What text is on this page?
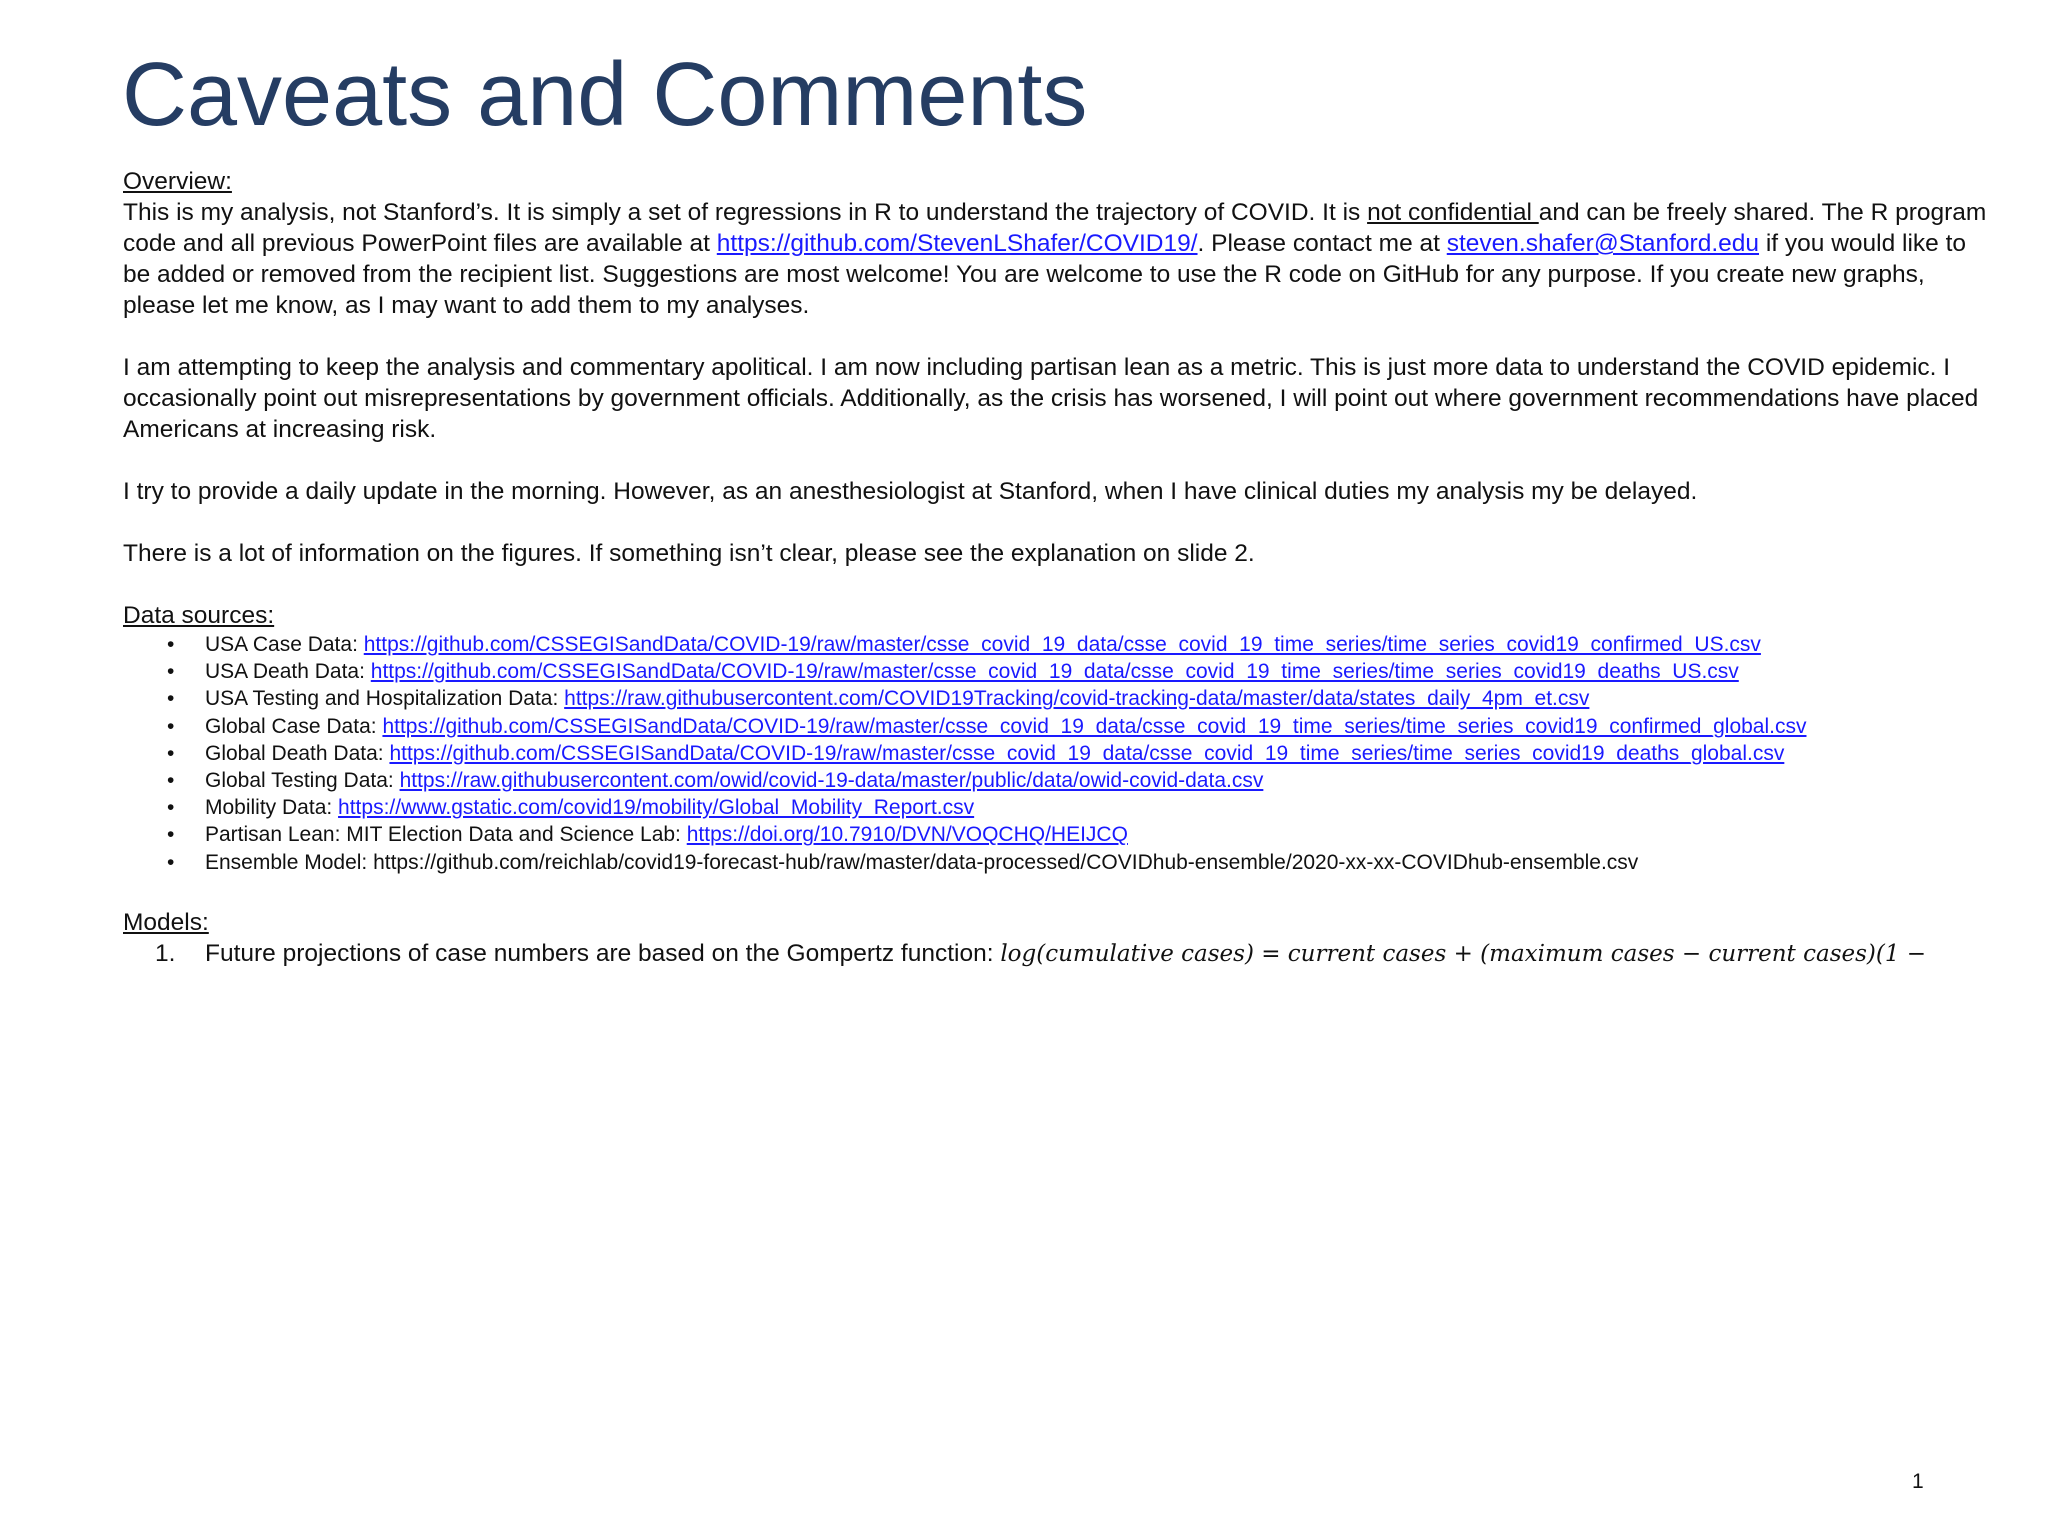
Caveats and Comments

Overview:

This is my analysis, not Stanford’s. It is simply a set of regressions in R to understand the trajectory of COVID. It is not confidential and can be freely shared. The R program code and all previous PowerPoint files are available at https://github.com/StevenLShafer/COVID19/. Please contact me at steven.shafer@Stanford.edu if you would like to be added or removed from the recipient list. Suggestions are most welcome! You are welcome to use the R code on GitHub for any purpose. If you create new graphs, please let me know, as I may want to add them to my analyses.

I am attempting to keep the analysis and commentary apolitical. I am now including partisan lean as a metric. This is just more data to understand the COVID epidemic. I occasionally point out misrepresentations by government officials. Additionally, as the crisis has worsened, I will point out where government recommendations have placed Americans at increasing risk.

I try to provide a daily update in the morning. However, as an anesthesiologist at Stanford, when I have clinical duties my analysis my be delayed.

There is a lot of information on the figures. If something isn’t clear, please see the explanation on slide 2.

Data sources:

• USA Case Data: https://github.com/CSSEGISandData/COVID-19/raw/master/csse_covid_19_data/csse_covid_19_time_series/time_series_covid19_confirmed_US.csv
• USA Death Data: https://github.com/CSSEGISandData/COVID-19/raw/master/csse_covid_19_data/csse_covid_19_time_series/time_series_covid19_deaths_US.csv
• USA Testing and Hospitalization Data: https://raw.githubusercontent.com/COVID19Tracking/covid-tracking-data/master/data/states_daily_4pm_et.csv
• Global Case Data: https://github.com/CSSEGISandData/COVID-19/raw/master/csse_covid_19_data/csse_covid_19_time_series/time_series_covid19_confirmed_global.csv
• Global Death Data: https://github.com/CSSEGISandData/COVID-19/raw/master/csse_covid_19_data/csse_covid_19_time_series/time_series_covid19_deaths_global.csv
• Global Testing Data: https://raw.githubusercontent.com/owid/covid-19-data/master/public/data/owid-covid-data.csv
• Mobility Data: https://www.gstatic.com/covid19/mobility/Global_Mobility_Report.csv
• Partisan Lean: MIT Election Data and Science Lab: https://doi.org/10.7910/DVN/VOQCHQ/HEIJCQ
• Ensemble Model: https://github.com/reichlab/covid19-forecast-hub/raw/master/data-processed/COVIDhub-ensemble/2020-xx-xx-COVIDhub-ensemble.csv

Models:

1. Future projections of case numbers are based on the Gompertz function: log(cumulative cases) = current cases + (maximum cases − current cases)(1 −
1
